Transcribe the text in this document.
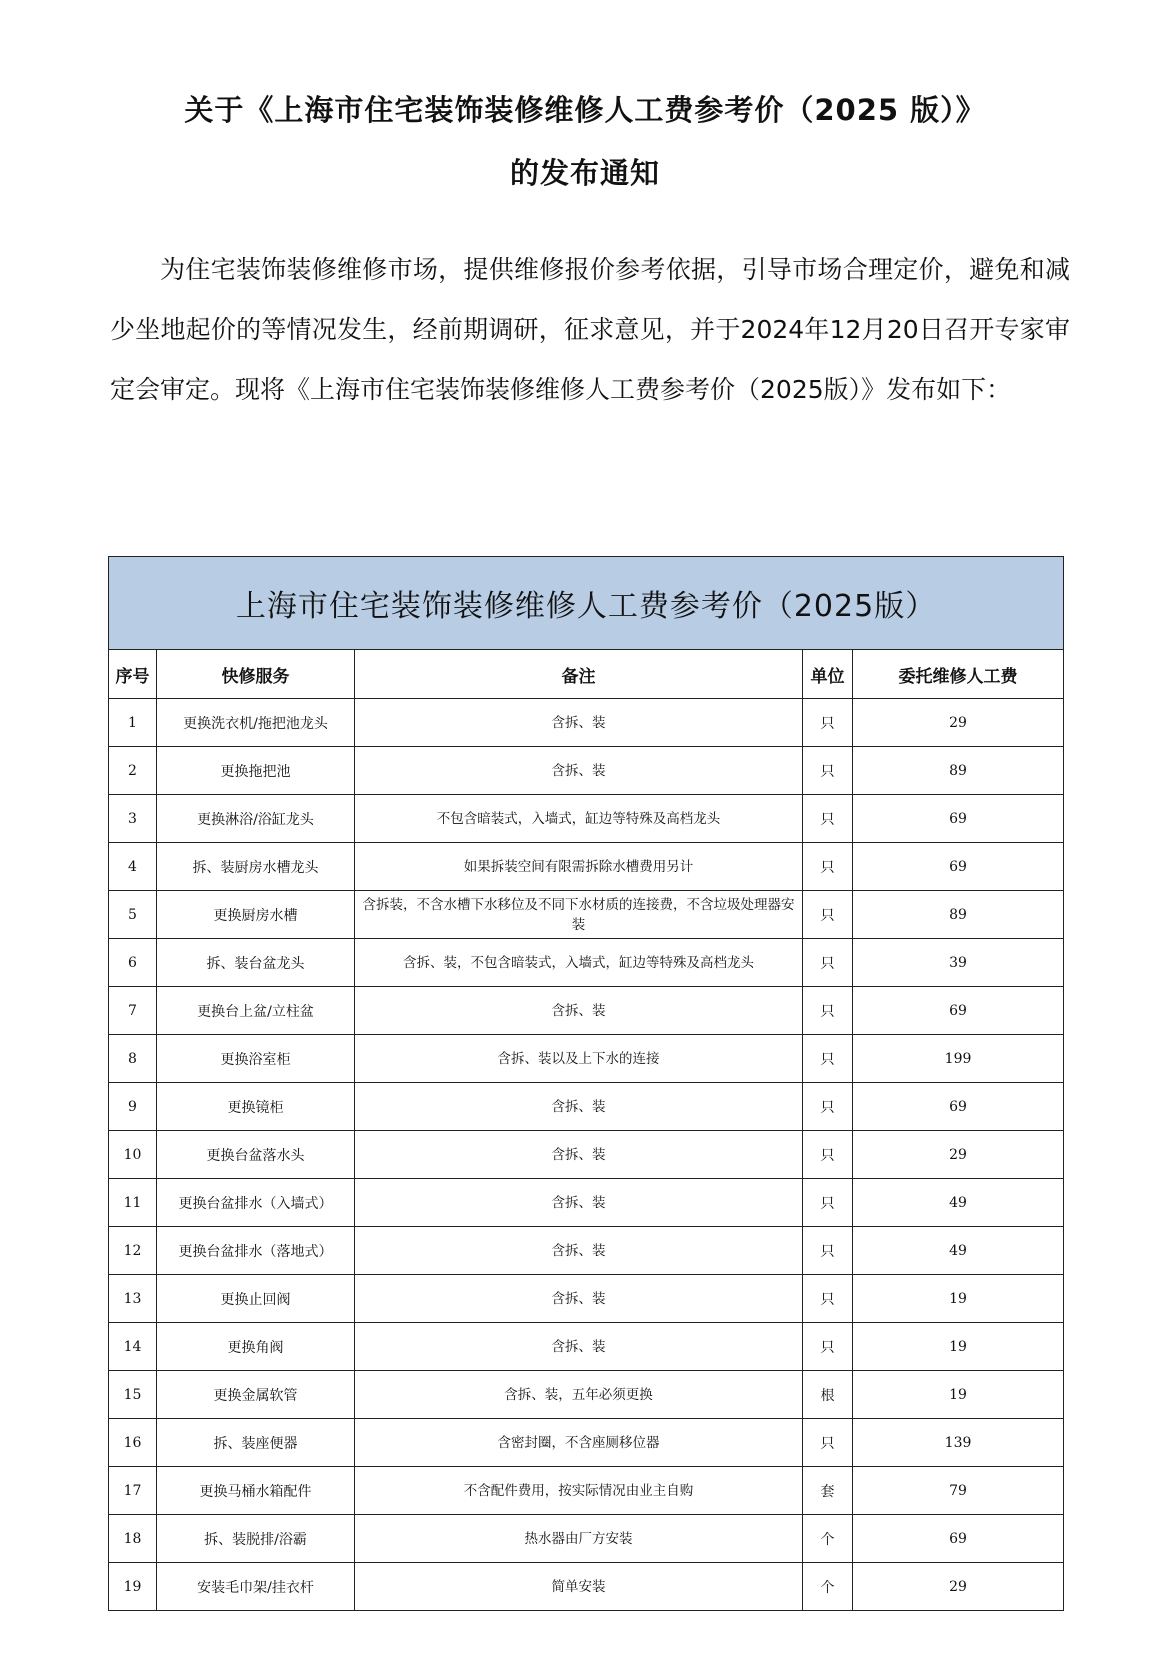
关于《上海市住宅装饰装修维修人工费参考价（2025 版）》
的发布通知

为住宅装饰装修维修市场，提供维修报价参考依据，引导市场合理定价，避免和减少坐地起价的等情况发生，经前期调研，征求意见，并于2024年12月20日召开专家审定会审定。现将《上海市住宅装饰装修维修人工费参考价（2025版）》发布如下：

上海市住宅装饰装修维修人工费参考价（2025版）				
序号	快修服务	备注	单位	委托维修人工费
1	更换洗衣机/拖把池龙头	含拆、装	只	29
2	更换拖把池	含拆、装	只	89
3	更换淋浴/浴缸龙头	不包含暗装式，入墙式，缸边等特殊及高档龙头	只	69
4	拆、装厨房水槽龙头	如果拆装空间有限需拆除水槽费用另计	只	69
5	更换厨房水槽	含拆装，不含水槽下水移位及不同下水材质的连接费，不含垃圾处理器安装	只	89
6	拆、装台盆龙头	含拆、装，不包含暗装式，入墙式，缸边等特殊及高档龙头	只	39
7	更换台上盆/立柱盆	含拆、装	只	69
8	更换浴室柜	含拆、装以及上下水的连接	只	199
9	更换镜柜	含拆、装	只	69
10	更换台盆落水头	含拆、装	只	29
11	更换台盆排水（入墙式）	含拆、装	只	49
12	更换台盆排水（落地式）	含拆、装	只	49
13	更换止回阀	含拆、装	只	19
14	更换角阀	含拆、装	只	19
15	更换金属软管	含拆、装，五年必须更换	根	19
16	拆、装座便器	含密封圈，不含座厕移位器	只	139
17	更换马桶水箱配件	不含配件费用，按实际情况由业主自购	套	79
18	拆、装脱排/浴霸	热水器由厂方安装	个	69
19	安装毛巾架/挂衣杆	简单安装	个	29
